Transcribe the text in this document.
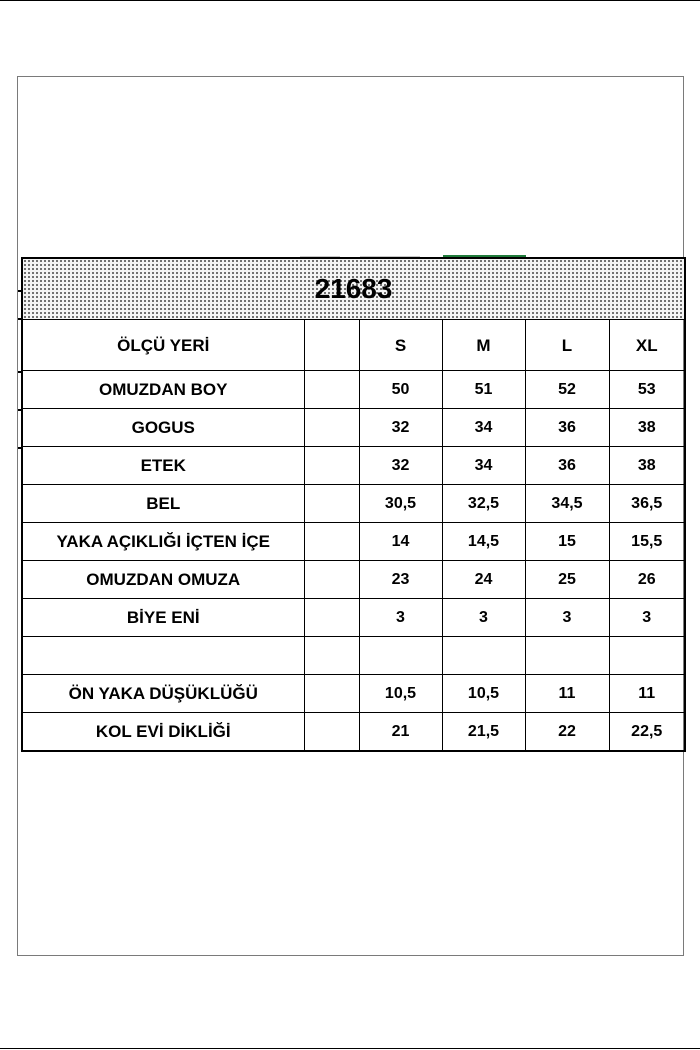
21683					
ÖLÇÜ YERİ		S	M	L	XL
OMUZDAN BOY		50	51	52	53
GOGUS		32	34	36	38
ETEK		32	34	36	38
BEL		30,5	32,5	34,5	36,5
YAKA AÇIKLIĞI İÇTEN İÇE		14	14,5	15	15,5
OMUZDAN OMUZA		23	24	25	26
BİYE ENİ		3	3	3	3

ÖN YAKA DÜŞÜKLÜĞÜ		10,5	10,5	11	11
KOL EVİ DİKLİĞİ		21	21,5	22	22,5
